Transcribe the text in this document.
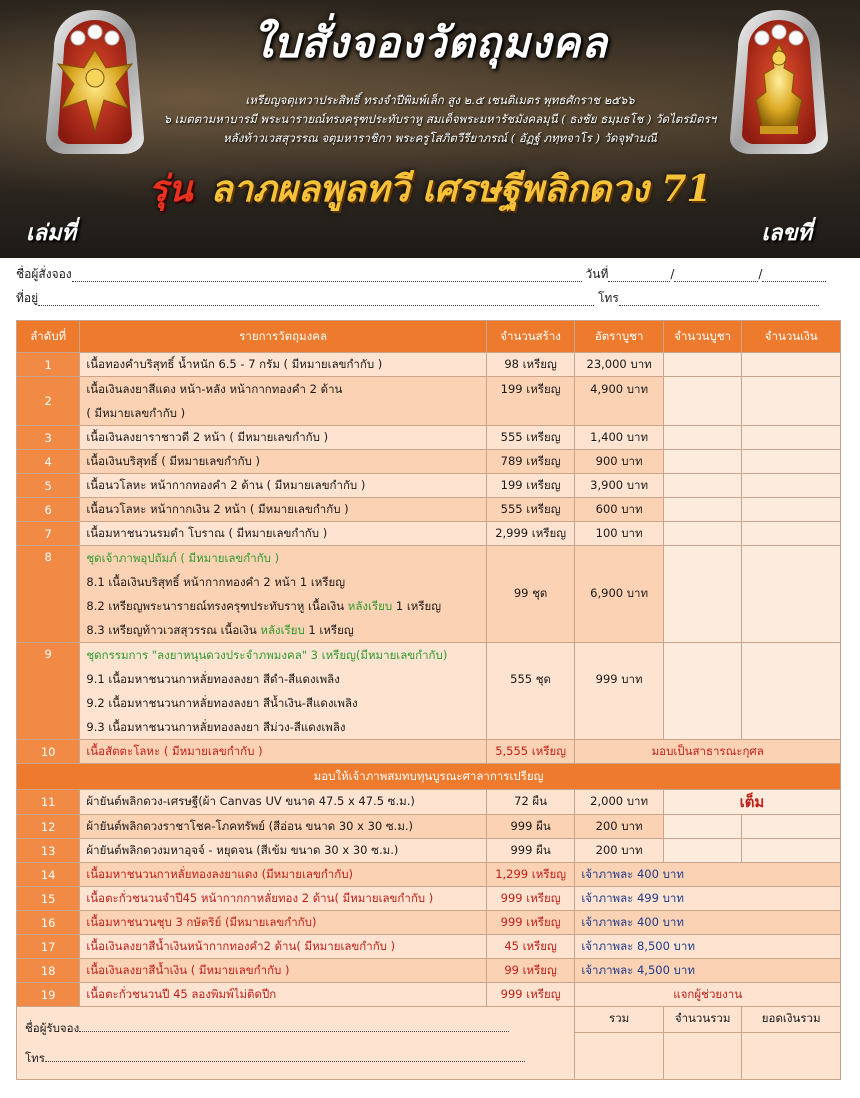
ใบสั่งจองวัตถุมงคล
เหรียญจตุเทวาประสิทธิ์ ทรงจำปีพิมพ์เล็ก สูง ๒.๕ เซนติเมตร พุทธศักราช ๒๕๖๖
๖ เมตตามหาบารมี พระนารายณ์ทรงครุฑประทับราหู สมเด็จพระมหารัชมังคลมุนี ( ธงชัย ธมฺมธโช ) วัดไตรมิตรฯ
หลังท้าวเวสสุวรรณ จตุมหาราชิกา พระครูโสภิตวีรียาภรณ์ ( อัฏฐ์ ภทฺทจาโร ) วัดจุฬามณี
รุ่น ลาภผลพูลทวี เศรษฐีพลิกดวง 71
เล่มที่	เลขที่
ชื่อผู้สั่งจอง	วันที่	/	/
ที่อยู่	โทร
ลำดับที่	รายการวัตถุมงคล	จำนวนสร้าง	อัตราบูชา	จำนวนบูชา	จำนวนเงิน
1	เนื้อทองคำบริสุทธิ์ น้ำหนัก 6.5 - 7 กรัม ( มีหมายเลขกำกับ )	98 เหรียญ	23,000 บาท		
2	เนื้อเงินลงยาสีแดง หน้า-หลัง หน้ากากทองคำ 2 ด้าน
( มีหมายเลขกำกับ )	199 เหรียญ	4,900 บาท		
3	เนื้อเงินลงยาราชาวดี 2 หน้า ( มีหมายเลขกำกับ )	555 เหรียญ	1,400 บาท		
4	เนื้อเงินบริสุทธิ์ ( มีหมายเลขกำกับ )	789 เหรียญ	900 บาท		
5	เนื้อนวโลหะ หน้ากากทองคำ 2 ด้าน ( มีหมายเลขกำกับ )	199 เหรียญ	3,900 บาท		
6	เนื้อนวโลหะ หน้ากากเงิน 2 หน้า ( มีหมายเลขกำกับ )	555 เหรียญ	600 บาท		
7	เนื้อมหาชนวนรมดำ โบราณ ( มีหมายเลขกำกับ )	2,999 เหรียญ	100 บาท		
8	ชุดเจ้าภาพอุปถัมภ์ ( มีหมายเลขกำกับ )
8.1 เนื้อเงินบริสุทธิ์ หน้ากากทองคำ 2 หน้า 1 เหรียญ
8.2 เหรียญพระนารายณ์ทรงครุฑประทับราหู เนื้อเงิน หลังเรียบ 1 เหรียญ
8.3 เหรียญท้าวเวสสุวรรณ เนื้อเงิน หลังเรียบ 1 เหรียญ	99 ชุด	6,900 บาท		
9	ชุดกรรมการ "ลงยาหนุนดวงประจำภพมงคล" 3 เหรียญ(มีหมายเลขกำกับ)
9.1 เนื้อมหาชนวนกาหลั่ยทองลงยา สีดำ-สีแดงเพลิง
9.2 เนื้อมหาชนวนกาหลั่ยทองลงยา สีน้ำเงิน-สีแดงเพลิง
9.3 เนื้อมหาชนวนกาหลั่ยทองลงยา สีม่วง-สีแดงเพลิง	555 ชุด	999 บาท		
10	เนื้อสัตตะโลหะ ( มีหมายเลขกำกับ )	5,555 เหรียญ	มอบเป็นสาธารณะกุศล		
มอบให้เจ้าภาพสมทบทุนบูรณะศาลาการเปรียญ					
11	ผ้ายันต์พลิกดวง-เศรษฐี(ผ้า Canvas UV ขนาด 47.5 x 47.5 ซ.ม.)	72 ผืน	2,000 บาท	เต็ม	
12	ผ้ายันต์พลิกดวงราชาโชค-โภคทรัพย์ (สีอ่อน ขนาด 30 x 30 ซ.ม.)	999 ผืน	200 บาท		
13	ผ้ายันต์พลิกดวงมหาอุจจ์ - หยุดจน (สีเข้ม ขนาด 30 x 30 ซ.ม.)	999 ผืน	200 บาท		
14	เนื้อมหาชนวนกาหลั่ยทองลงยาแดง (มีหมายเลขกำกับ)	1,299 เหรียญ	เจ้าภาพละ 400 บาท		
15	เนื้อตะกั่วชนวนจำปี45 หน้ากากกาหลั่ยทอง 2 ด้าน( มีหมายเลขกำกับ )	999 เหรียญ	เจ้าภาพละ 499 บาท		
16	เนื้อมหาชนวนชุบ 3 กษัตริย์ (มีหมายเลขกำกับ)	999 เหรียญ	เจ้าภาพละ 400 บาท		
17	เนื้อเงินลงยาสีน้ำเงินหน้ากากทองคำ2 ด้าน( มีหมายเลขกำกับ )	45 เหรียญ	เจ้าภาพละ 8,500 บาท		
18	เนื้อเงินลงยาสีน้ำเงิน ( มีหมายเลขกำกับ )	99 เหรียญ	เจ้าภาพละ 4,500 บาท		
19	เนื้อตะกั่วชนวนปี 45 ลองพิมพ์ไม่ติดปีก	999 เหรียญ	แจกผู้ช่วยงาน		

ชื่อผู้รับจอง
โทร			รวม	จำนวนรวม	ยอดเงินรวม
